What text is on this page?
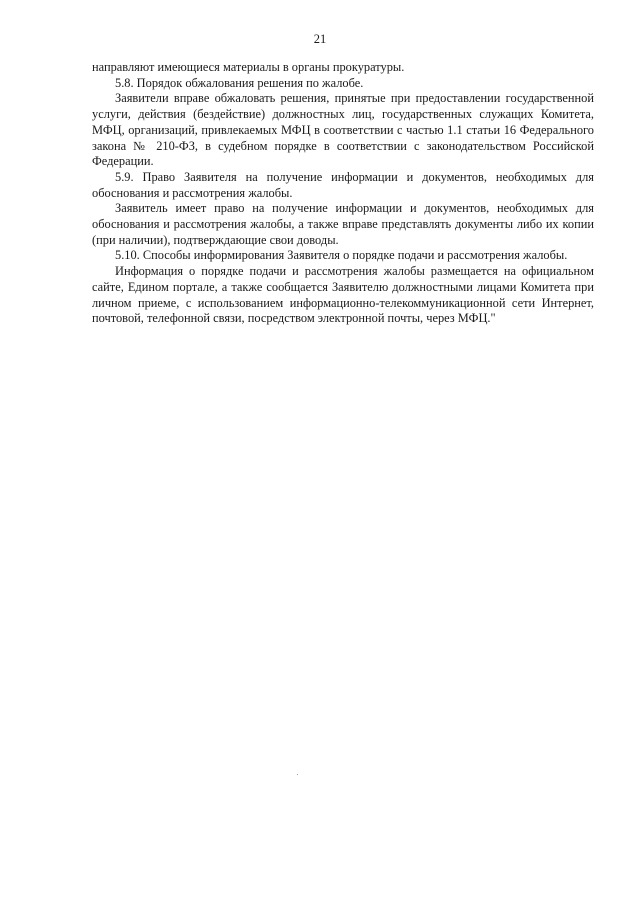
21

направляют имеющиеся материалы в органы прокуратуры.

5.8. Порядок обжалования решения по жалобе.

Заявители вправе обжаловать решения, принятые при предоставлении государственной услуги, действия (бездействие) должностных лиц, государственных служащих Комитета, МФЦ, организаций, привлекаемых МФЦ в соответствии с частью 1.1 статьи 16 Федерального закона № 210-ФЗ, в судебном порядке в соответствии с законодательством Российской Федерации.

5.9. Право Заявителя на получение информации и документов, необходимых для обоснования и рассмотрения жалобы.

Заявитель имеет право на получение информации и документов, необходимых для обоснования и рассмотрения жалобы, а также вправе представлять документы либо их копии (при наличии), подтверждающие свои доводы.

5.10. Способы информирования Заявителя о порядке подачи и рассмотрения жалобы.

Информация о порядке подачи и рассмотрения жалобы размещается на официальном сайте, Едином портале, а также сообщается Заявителю должностными лицами Комитета при личном приеме, с использованием информационно-телекоммуникационной сети Интернет, почтовой, телефонной связи, посредством электронной почты, через МФЦ."
